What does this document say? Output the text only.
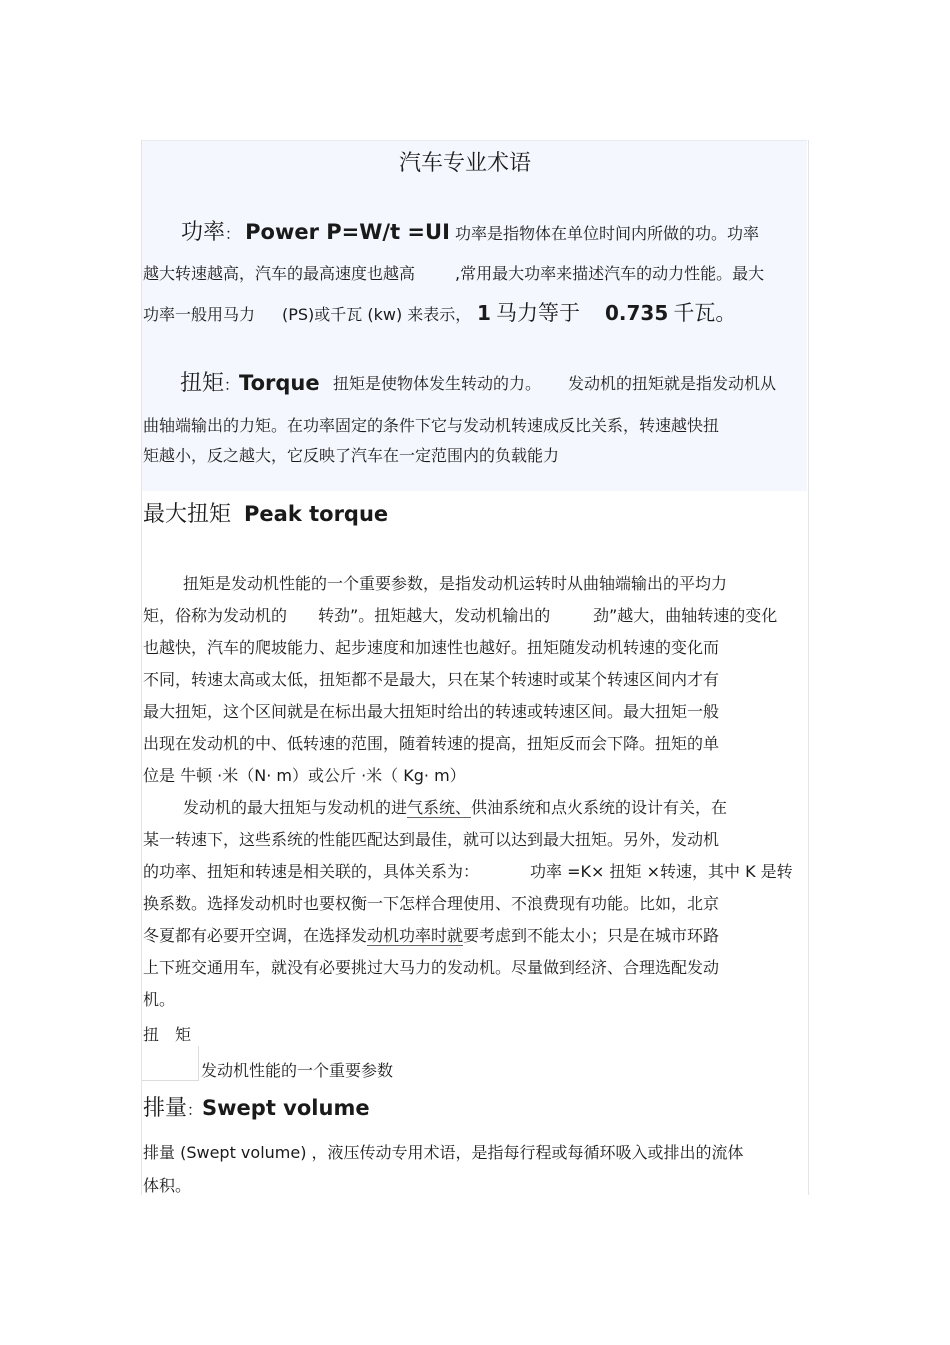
汽车专业术语
功率： Power P=W/t =UI 功率是指物体在单位时间内所做的功。功率
越大转速越高，汽车的最高速度也越高 ,常用最大功率来描述汽车的动力性能。最大
功率一般用马力 (PS)或千瓦 (kw) 来表示， 1 马力等于 0.735 千瓦。
扭矩：Torque 扭矩是使物体发生转动的力。 发动机的扭矩就是指发动机从
曲轴端输出的力矩。在功率固定的条件下它与发动机转速成反比关系，转速越快扭
矩越小，反之越大，它反映了汽车在一定范围内的负载能力
最大扭矩 Peak torque
扭矩是发动机性能的一个重要参数，是指发动机运转时从曲轴端输出的平均力
矩，俗称为发动机的 转劲”。扭矩越大，发动机输出的	劲”越大，曲轴转速的变化
也越快，汽车的爬坡能力、起步速度和加速性也越好。扭矩随发动机转速的变化而
不同，转速太高或太低，扭矩都不是最大，只在某个转速时或某个转速区间内才有
最大扭矩，这个区间就是在标出最大扭矩时给出的转速或转速区间。最大扭矩一般
出现在发动机的中、低转速的范围，随着转速的提高，扭矩反而会下降。扭矩的单
位是 牛顿 ·米（N· m）或公斤 ·米（ Kg· m）
发动机的最大扭矩与发动机的进气系统、供油系统和点火系统的设计有关，在
某一转速下，这些系统的性能匹配达到最佳，就可以达到最大扭矩。另外，发动机
的功率、扭矩和转速是相关联的，具体关系为：	功率 =K× 扭矩 ×转速，其中 K 是转
换系数。选择发动机时也要权衡一下怎样合理使用、不浪费现有功能。比如，北京
冬夏都有必要开空调，在选择发动机功率时就要考虑到不能太小；只是在城市环路
上下班交通用车，就没有必要挑过大马力的发动机。尽量做到经济、合理选配发动
机。
扭　矩
发动机性能的一个重要参数
排量：Swept volume
排量 (Swept volume) ，液压传动专用术语，是指每行程或每循环吸入或排出的流体
体积。
